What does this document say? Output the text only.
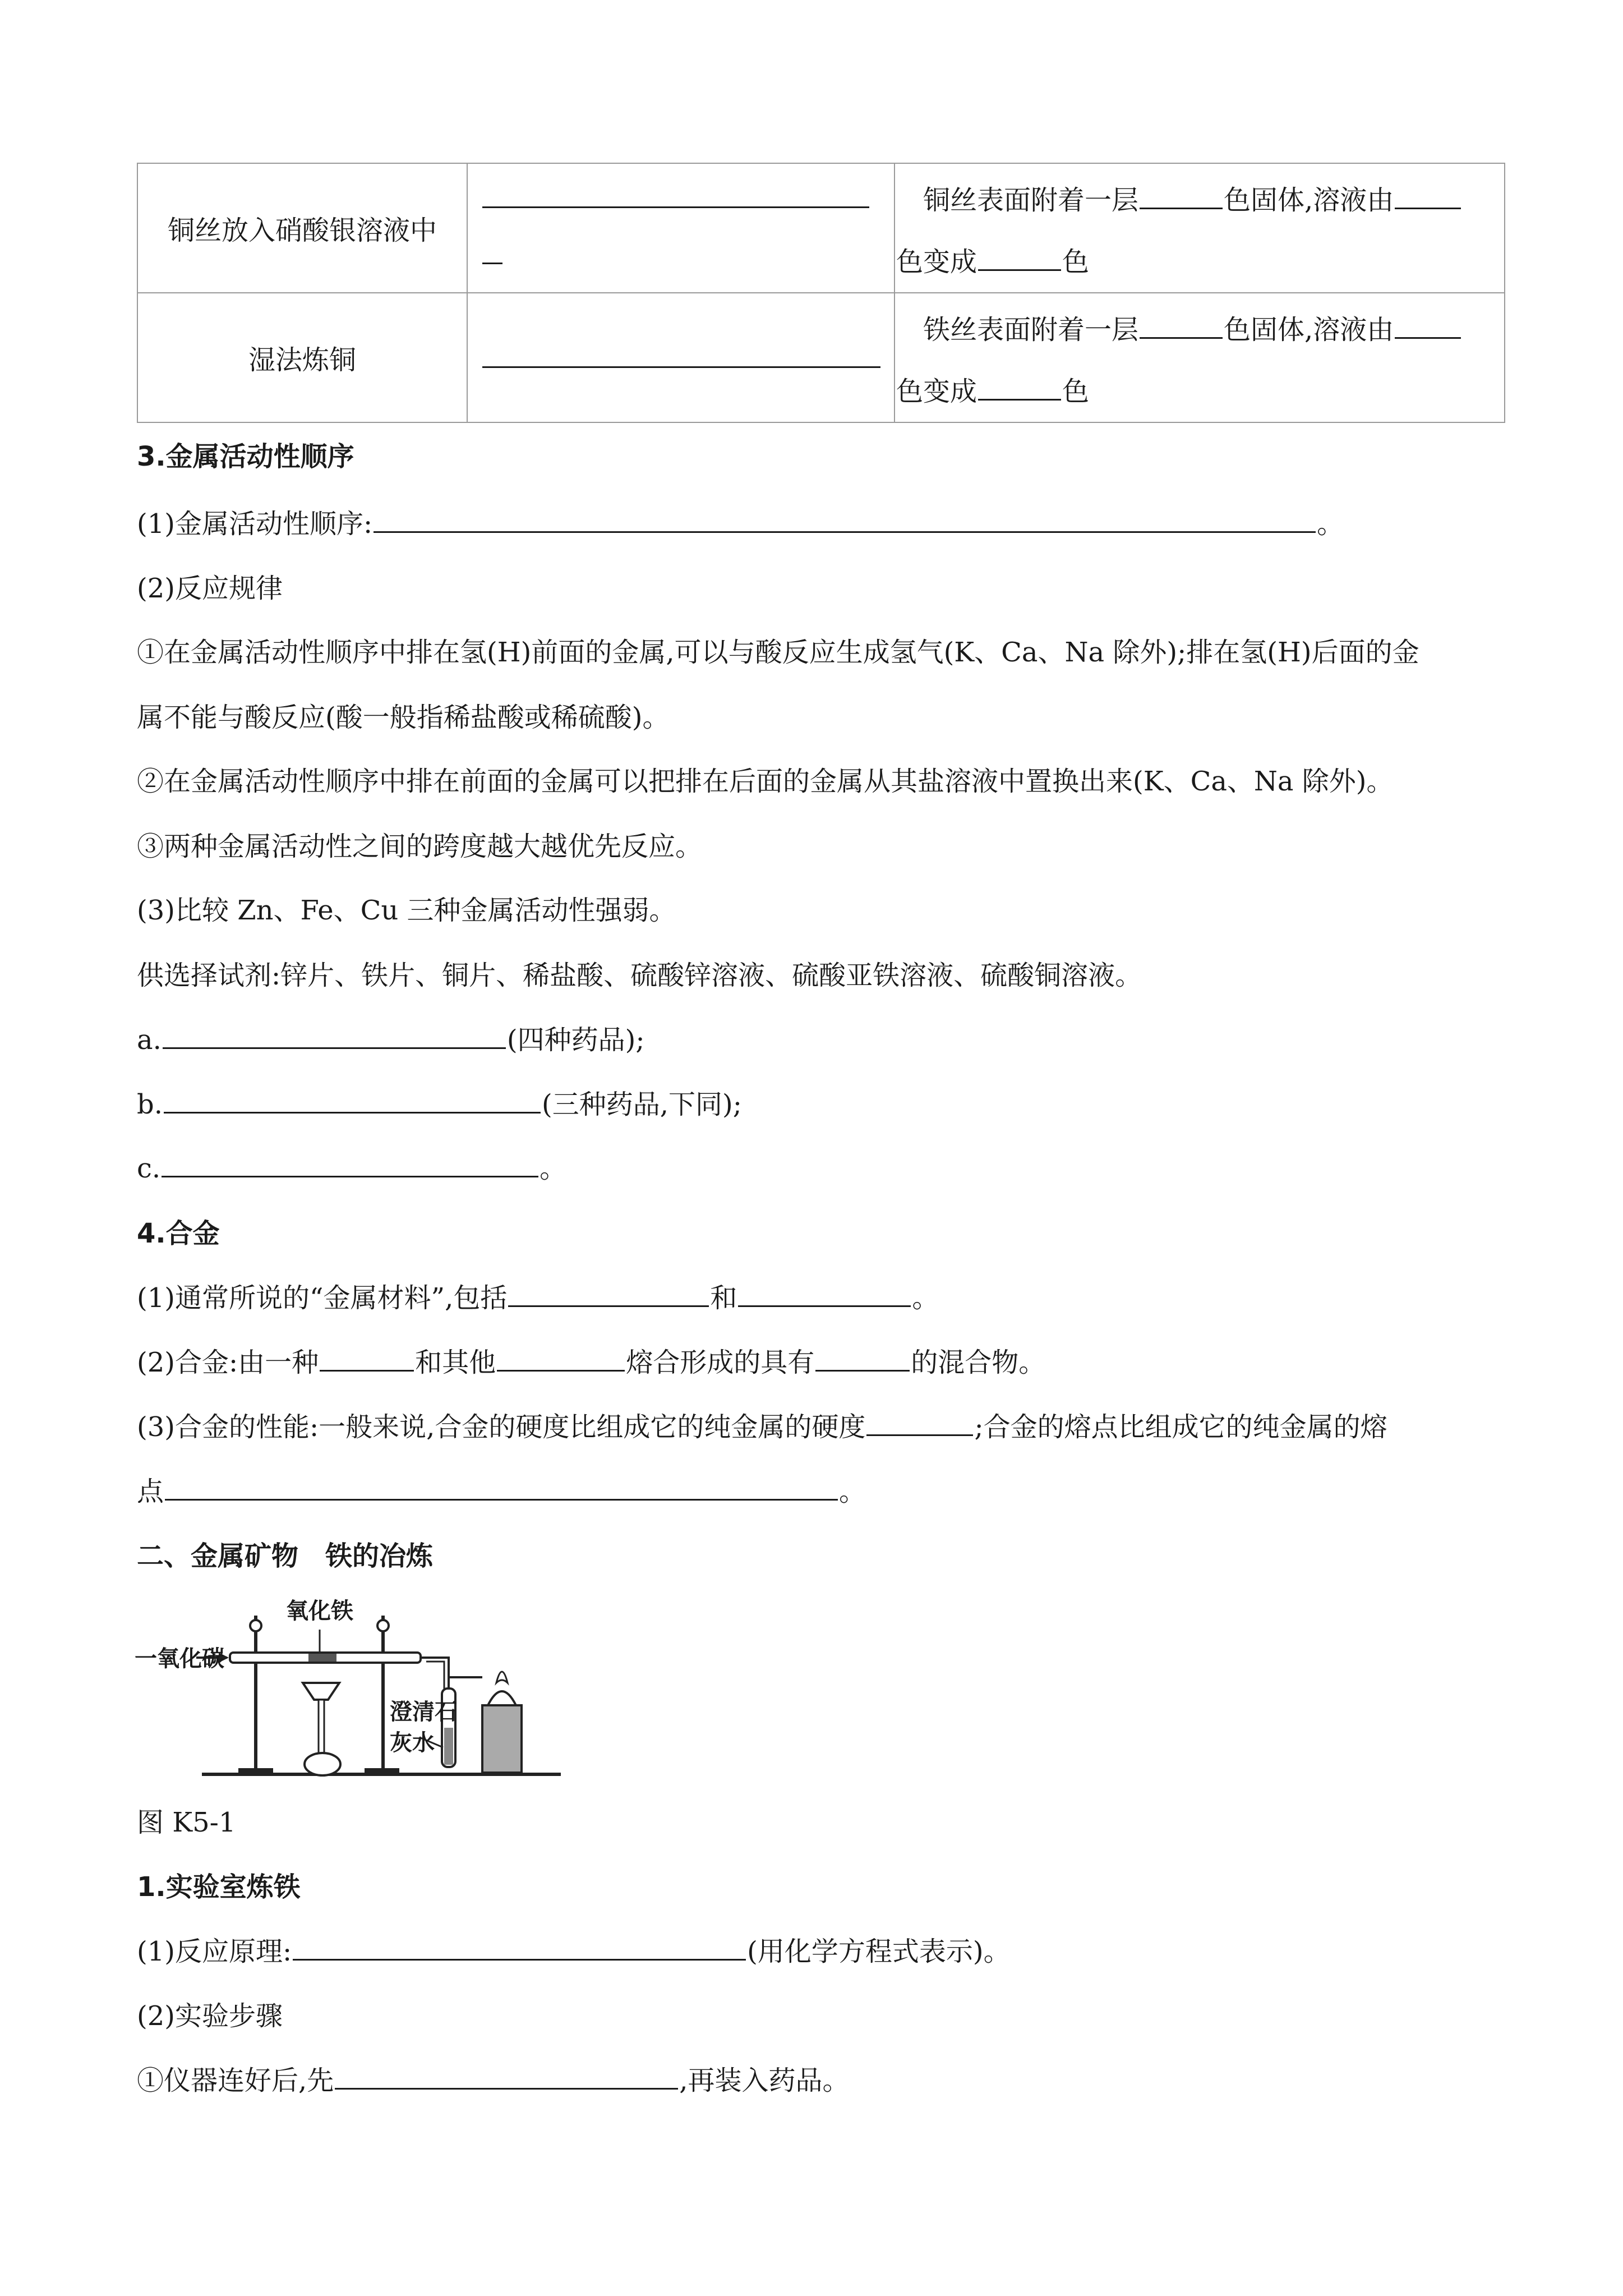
铜丝放入硝酸银溶液中		铜丝表面附着一层 色固体,溶液由
色变成 色

湿法炼铜		铁丝表面附着一层 色固体,溶液由
色变成 色
3.金属活动性顺序
(1)金属活动性顺序:	。
(2)反应规律
①在金属活动性顺序中排在氢(H)前面的金属,可以与酸反应生成氢气(K、Ca、Na 除外);排在氢(H)后面的金
属不能与酸反应(酸一般指稀盐酸或稀硫酸)。
②在金属活动性顺序中排在前面的金属可以把排在后面的金属从其盐溶液中置换出来(K、Ca、Na 除外)。
③两种金属活动性之间的跨度越大越优先反应。
(3)比较 Zn、Fe、Cu 三种金属活动性强弱。
供选择试剂:锌片、铁片、铜片、稀盐酸、硫酸锌溶液、硫酸亚铁溶液、硫酸铜溶液。
a.	(四种药品);
b.	(三种药品,下同);
c.	。
4.合金
(1)通常所说的“金属材料”,包括	和	。
(2)合金:由一种	和其他	熔合形成的具有	的混合物。
(3)合金的性能:一般来说,合金的硬度比组成它的纯金属的硬度	;合金的熔点比组成它的纯金属的熔
点	。
二、金属矿物　铁的冶炼
一氧化碳
氧化铁
澄清石
灰水
图 K5-1
1.实验室炼铁
(1)反应原理:	(用化学方程式表示)。
(2)实验步骤
①仪器连好后,先	,再装入药品。
